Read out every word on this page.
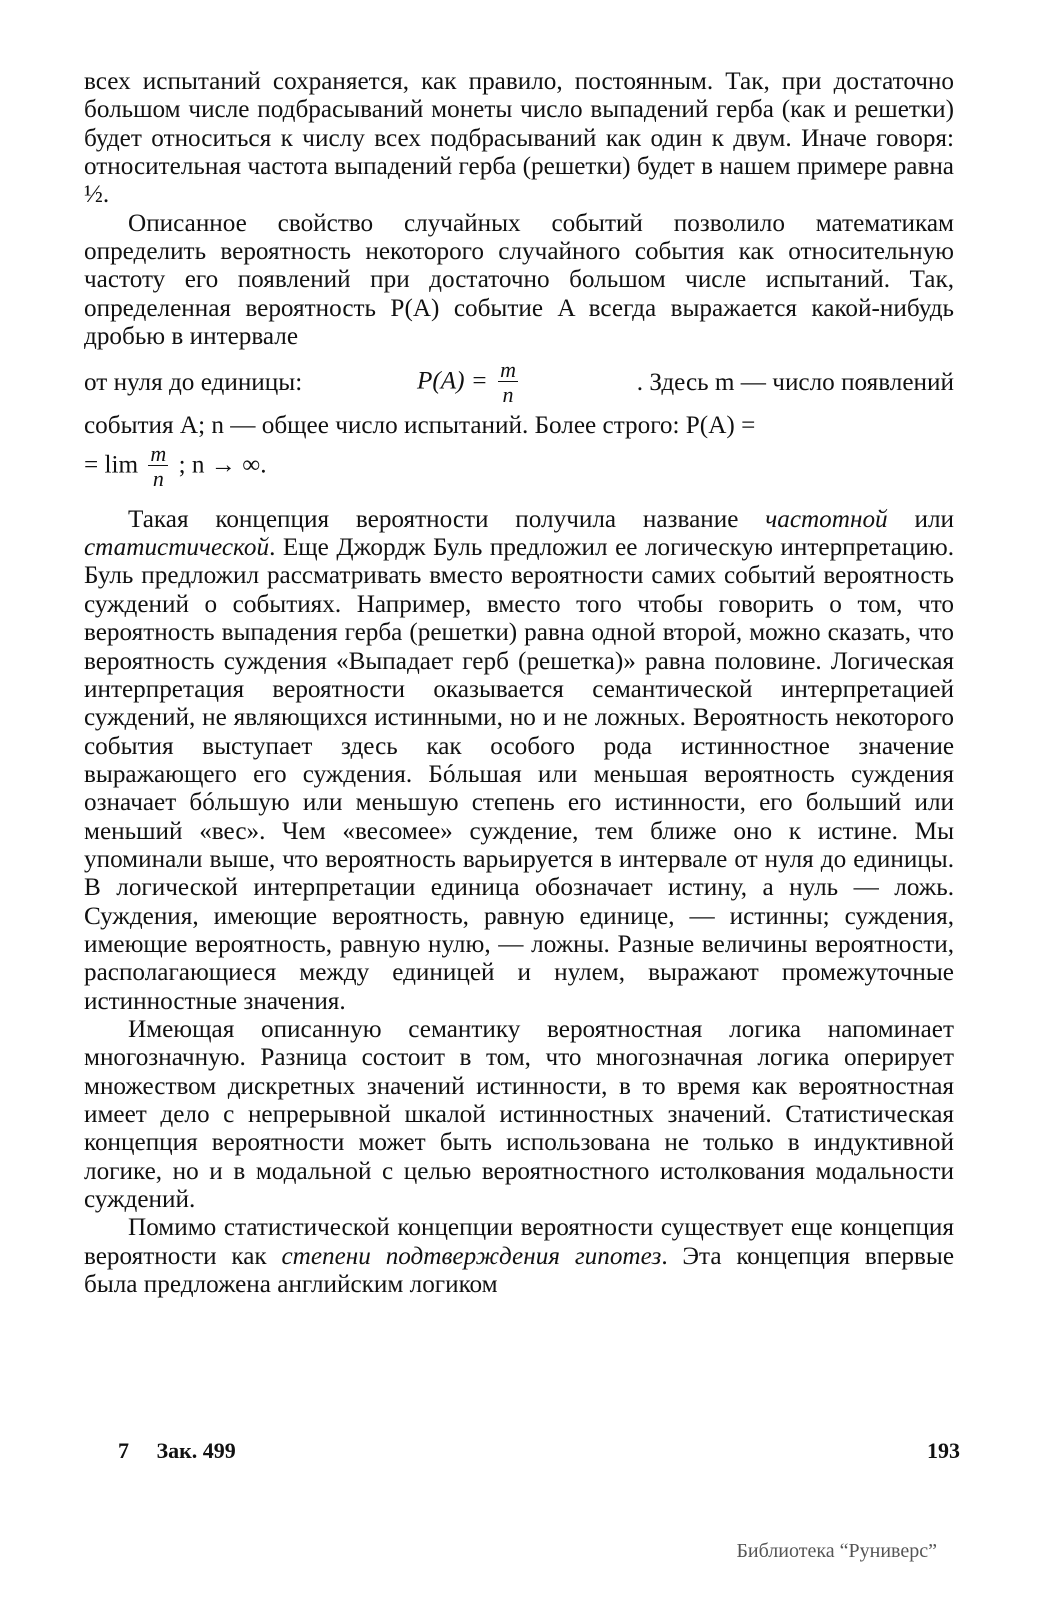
всех испытаний сохраняется, как правило, постоянным. Так, при достаточно большом числе подбрасываний монеты число выпадений герба (как и решетки) будет относиться к числу всех подбрасываний как один к двум. Иначе говоря: относительная частота выпадений герба (решетки) будет в нашем примере равна ½.

Описанное свойство случайных событий позволило математикам определить вероятность некоторого случайного события как относительную частоту его появлений при достаточно большом числе испытаний. Так, определенная вероятность P(A) событие A всегда выражается какой-нибудь дробью в интервале

от нуля до единицы:	$P(A) = \frac{m}{n}$	. Здесь m — число появлений

события A; n — общее число испытаний. Более строго: P(A) =

= $\lim \frac{m}{n}$ ; n → ∞.

Такая концепция вероятности получила название частотной или статистической. Еще Джордж Буль предложил ее логическую интерпретацию. Буль предложил рассматривать вместо вероятности самих событий вероятность суждений о событиях. Например, вместо того чтобы говорить о том, что вероятность выпадения герба (решетки) равна одной второй, можно сказать, что вероятность суждения «Выпадает герб (решетка)» равна половине. Логическая интерпретация вероятности оказывается семантической интерпретацией суждений, не являющихся истинными, но и не ложных. Вероятность некоторого события выступает здесь как особого рода истинностное значение выражающего его суждения. Бóльшая или меньшая вероятность суждения означает бóльшую или меньшую степень его истинности, его больший или меньший «вес». Чем «весомее» суждение, тем ближе оно к истине. Мы упоминали выше, что вероятность варьируется в интервале от нуля до единицы. В логической интерпретации единица обозначает истину, а нуль — ложь. Суждения, имеющие вероятность, равную единице, — истинны; суждения, имеющие вероятность, равную нулю, — ложны. Разные величины вероятности, располагающиеся между единицей и нулем, выражают промежуточные истинностные значения.

Имеющая описанную семантику вероятностная логика напоминает многозначную. Разница состоит в том, что многозначная логика оперирует множеством дискретных значений истинности, в то время как вероятностная имеет дело с непрерывной шкалой истинностных значений. Статистическая концепция вероятности может быть использована не только в индуктивной логике, но и в модальной с целью вероятностного истолкования модальности суждений.

Помимо статистической концепции вероятности существует еще концепция вероятности как степени подтверждения гипотез. Эта концепция впервые была предложена английским логиком

7 Зак. 499	193
Библиотека “Руниверс”
